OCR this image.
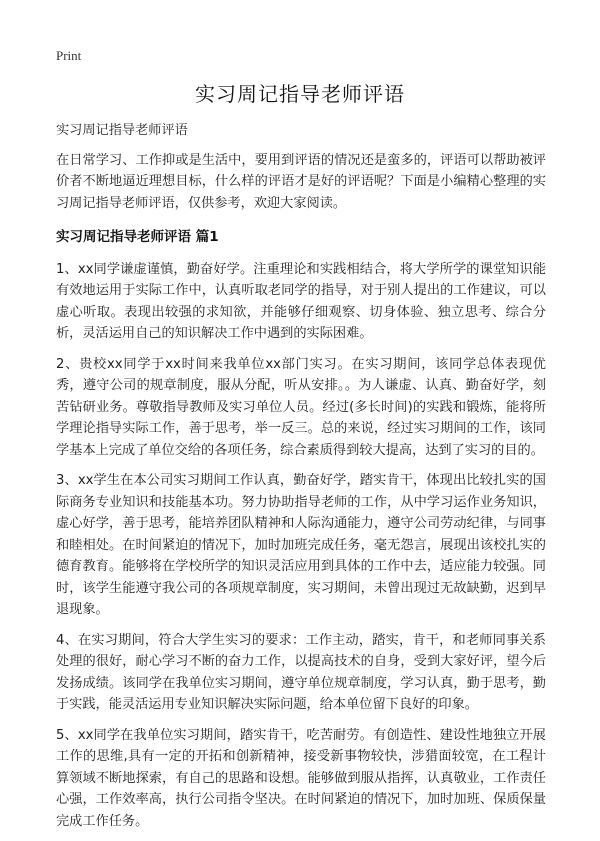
Print
实习周记指导老师评语

实习周记指导老师评语

在日常学习、工作抑或是生活中，要用到评语的情况还是蛮多的，评语可以帮助被评价者不断地逼近理想目标，什么样的评语才是好的评语呢？下面是小编精心整理的实习周记指导老师评语，仅供参考，欢迎大家阅读。

实习周记指导老师评语 篇1

1、xx同学谦虚谨慎，勤奋好学。注重理论和实践相结合，将大学所学的课堂知识能有效地运用于实际工作中，认真听取老同学的指导，对于别人提出的工作建议，可以虚心听取。表现出较强的求知欲，并能够仔细观察、切身体验、独立思考、综合分析，灵活运用自己的知识解决工作中遇到的实际困难。

2、贵校xx同学于xx时间来我单位xx部门实习。在实习期间，该同学总体表现优秀，遵守公司的规章制度，服从分配，听从安排。。为人谦虚、认真、勤奋好学，刻苦钻研业务。尊敬指导教师及实习单位人员。经过(多长时间)的实践和锻炼，能将所学理论指导实际工作，善于思考，举一反三。总的来说，经过实习期间的工作，该同学基本上完成了单位交给的各项任务，综合素质得到较大提高，达到了实习的目的。

3、xx学生在本公司实习期间工作认真，勤奋好学，踏实肯干，体现出比较扎实的国际商务专业知识和技能基本功。努力协助指导老师的工作，从中学习运作业务知识，虚心好学，善于思考，能培养团队精神和人际沟通能力，遵守公司劳动纪律，与同事和睦相处。在时间紧迫的情况下，加时加班完成任务，毫无怨言，展现出该校扎实的德育教育。能够将在学校所学的知识灵活应用到具体的工作中去，适应能力较强。同时，该学生能遵守我公司的各项规章制度，实习期间，未曾出现过无故缺勤，迟到早退现象。

4、在实习期间，符合大学生实习的要求：工作主动，踏实，肯干，和老师同事关系处理的很好，耐心学习不断的奋力工作，以提高技术的自身，受到大家好评，望今后发扬成绩。该同学在我单位实习期间，遵守单位规章制度，学习认真，勤于思考，勤于实践，能灵活运用专业知识解决实际问题，给本单位留下良好的印象。

5、xx同学在我单位实习期间，踏实肯干，吃苦耐劳。有创造性、建设性地独立开展工作的思维,具有一定的开拓和创新精神，接受新事物较快，涉猎面较宽，在工程计算领域不断地探索，有自己的思路和设想。能够做到服从指挥，认真敬业，工作责任心强，工作效率高，执行公司指令坚决。在时间紧迫的情况下，加时加班、保质保量完成工作任务。
